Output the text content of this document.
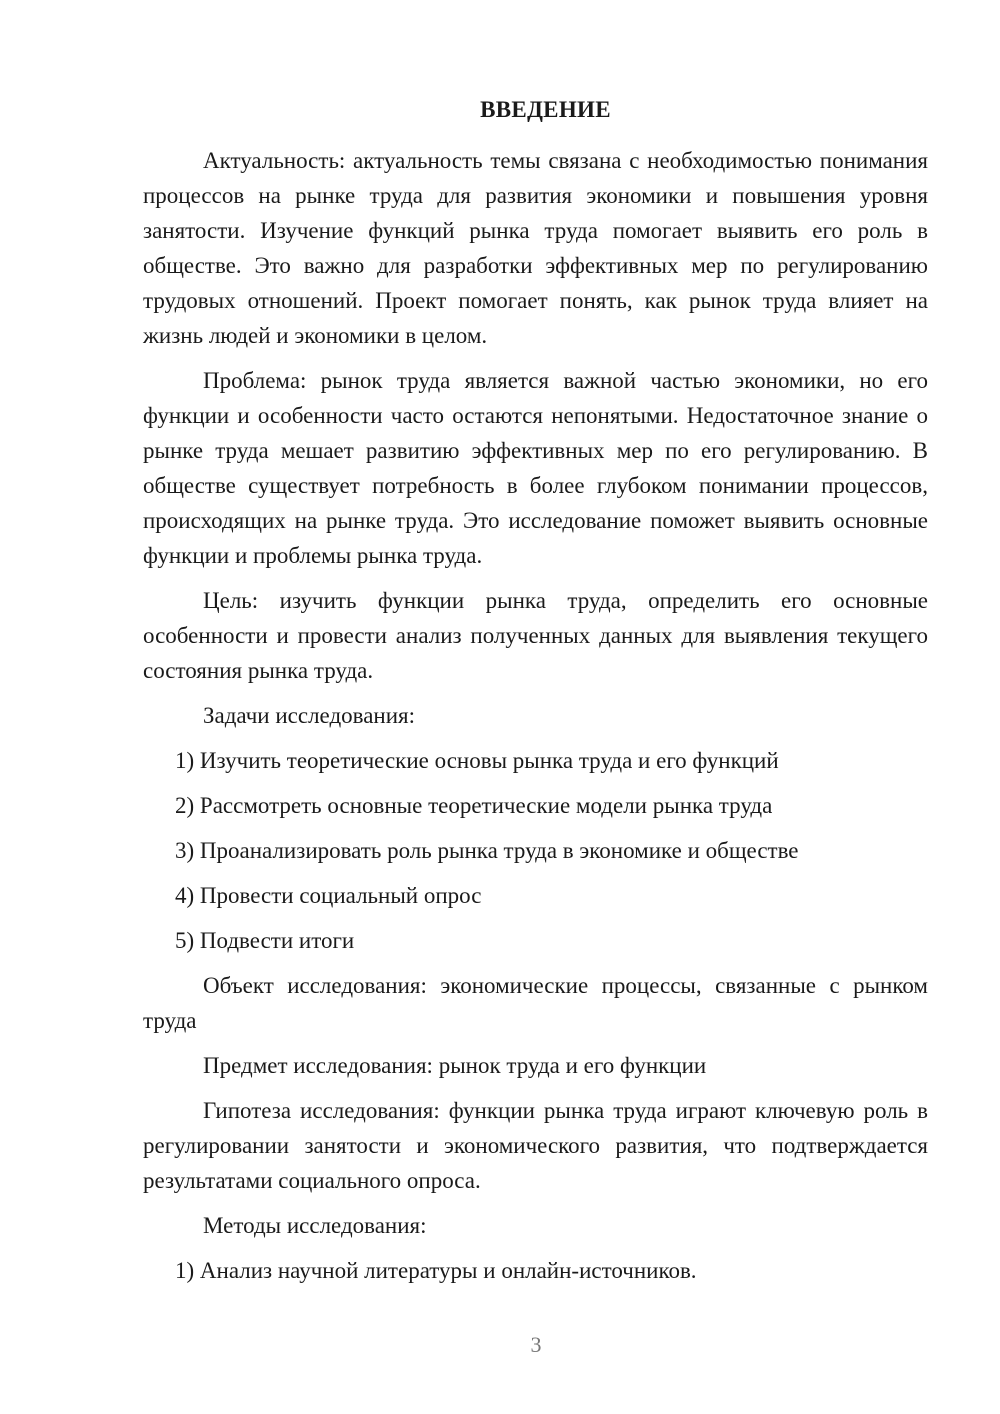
ВВЕДЕНИЕ

Актуальность: актуальность темы связана с необходимостью понимания процессов на рынке труда для развития экономики и повышения уровня занятости. Изучение функций рынка труда помогает выявить его роль в обществе. Это важно для разработки эффективных мер по регулированию трудовых отношений. Проект помогает понять, как рынок труда влияет на жизнь людей и экономики в целом.

Проблема: рынок труда является важной частью экономики, но его функции и особенности часто остаются непонятыми. Недостаточное знание о рынке труда мешает развитию эффективных мер по его регулированию. В обществе существует потребность в более глубоком понимании процессов, происходящих на рынке труда. Это исследование поможет выявить основные функции и проблемы рынка труда.

Цель: изучить функции рынка труда, определить его основные особенности и провести анализ полученных данных для выявления текущего состояния рынка труда.

Задачи исследования:

1) Изучить теоретические основы рынка труда и его функций

2) Рассмотреть основные теоретические модели рынка труда

3) Проанализировать роль рынка труда в экономике и обществе

4) Провести социальный опрос

5) Подвести итоги

Объект исследования: экономические процессы, связанные с рынком труда

Предмет исследования: рынок труда и его функции

Гипотеза исследования: функции рынка труда играют ключевую роль в регулировании занятости и экономического развития, что подтверждается результатами социального опроса.

Методы исследования:

1) Анализ научной литературы и онлайн-источников.

3
